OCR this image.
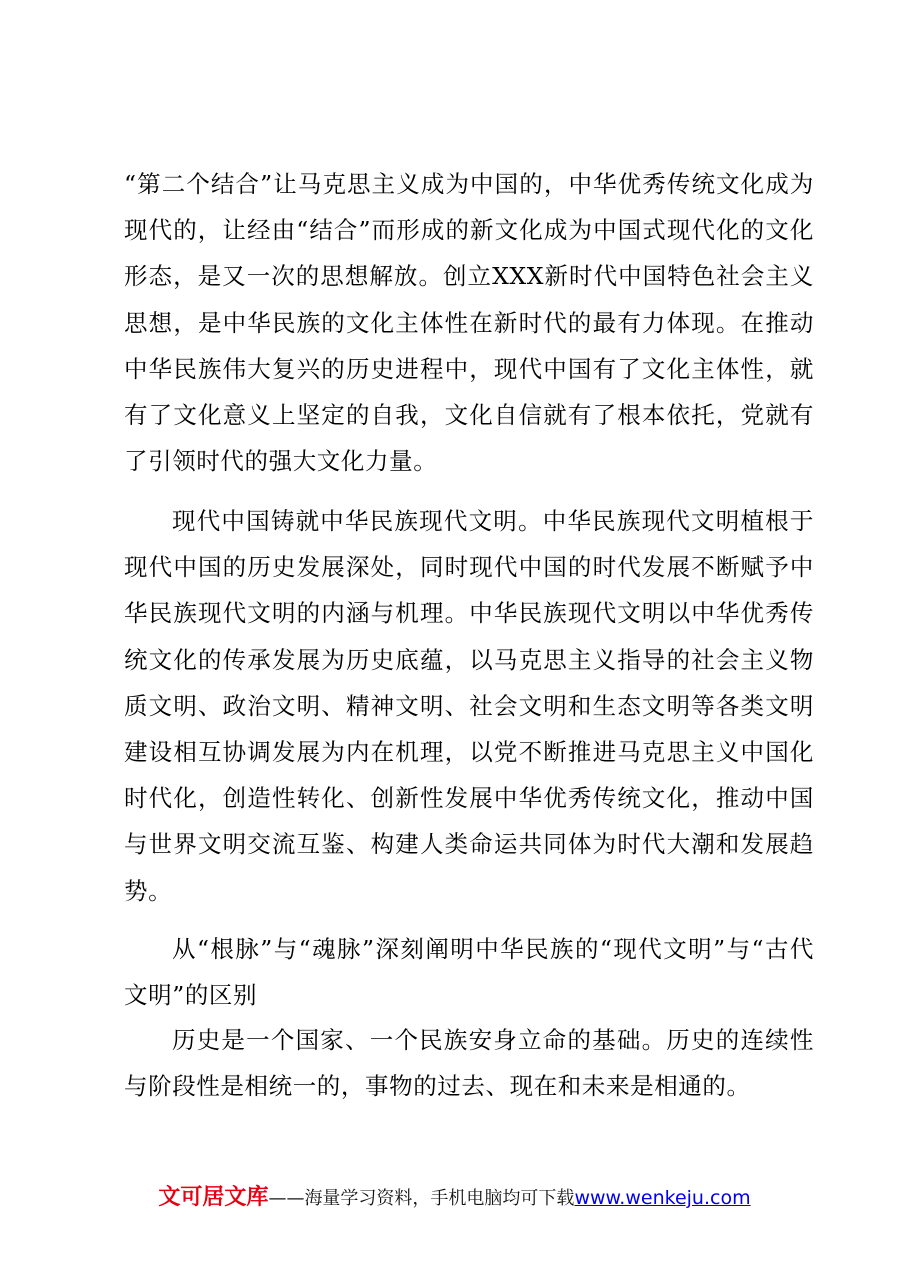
“第二个结合”让马克思主义成为中国的，中华优秀传统文化成为现代的，让经由“结合”而形成的新文化成为中国式现代化的文化形态，是又一次的思想解放。创立XXX新时代中国特色社会主义思想，是中华民族的文化主体性在新时代的最有力体现。在推动中华民族伟大复兴的历史进程中，现代中国有了文化主体性，就有了文化意义上坚定的自我，文化自信就有了根本依托，党就有了引领时代的强大文化力量。

现代中国铸就中华民族现代文明。中华民族现代文明植根于现代中国的历史发展深处，同时现代中国的时代发展不断赋予中华民族现代文明的内涵与机理。中华民族现代文明以中华优秀传统文化的传承发展为历史底蕴，以马克思主义指导的社会主义物质文明、政治文明、精神文明、社会文明和生态文明等各类文明建设相互协调发展为内在机理，以党不断推进马克思主义中国化时代化，创造性转化、创新性发展中华优秀传统文化，推动中国与世界文明交流互鉴、构建人类命运共同体为时代大潮和发展趋势。

从“根脉”与“魂脉”深刻阐明中华民族的“现代文明”与“古代文明”的区别

历史是一个国家、一个民族安身立命的基础。历史的连续性与阶段性是相统一的，事物的过去、现在和未来是相通的。

文可居文库——海量学习资料，手机电脑均可下载www.wenkeju.com
